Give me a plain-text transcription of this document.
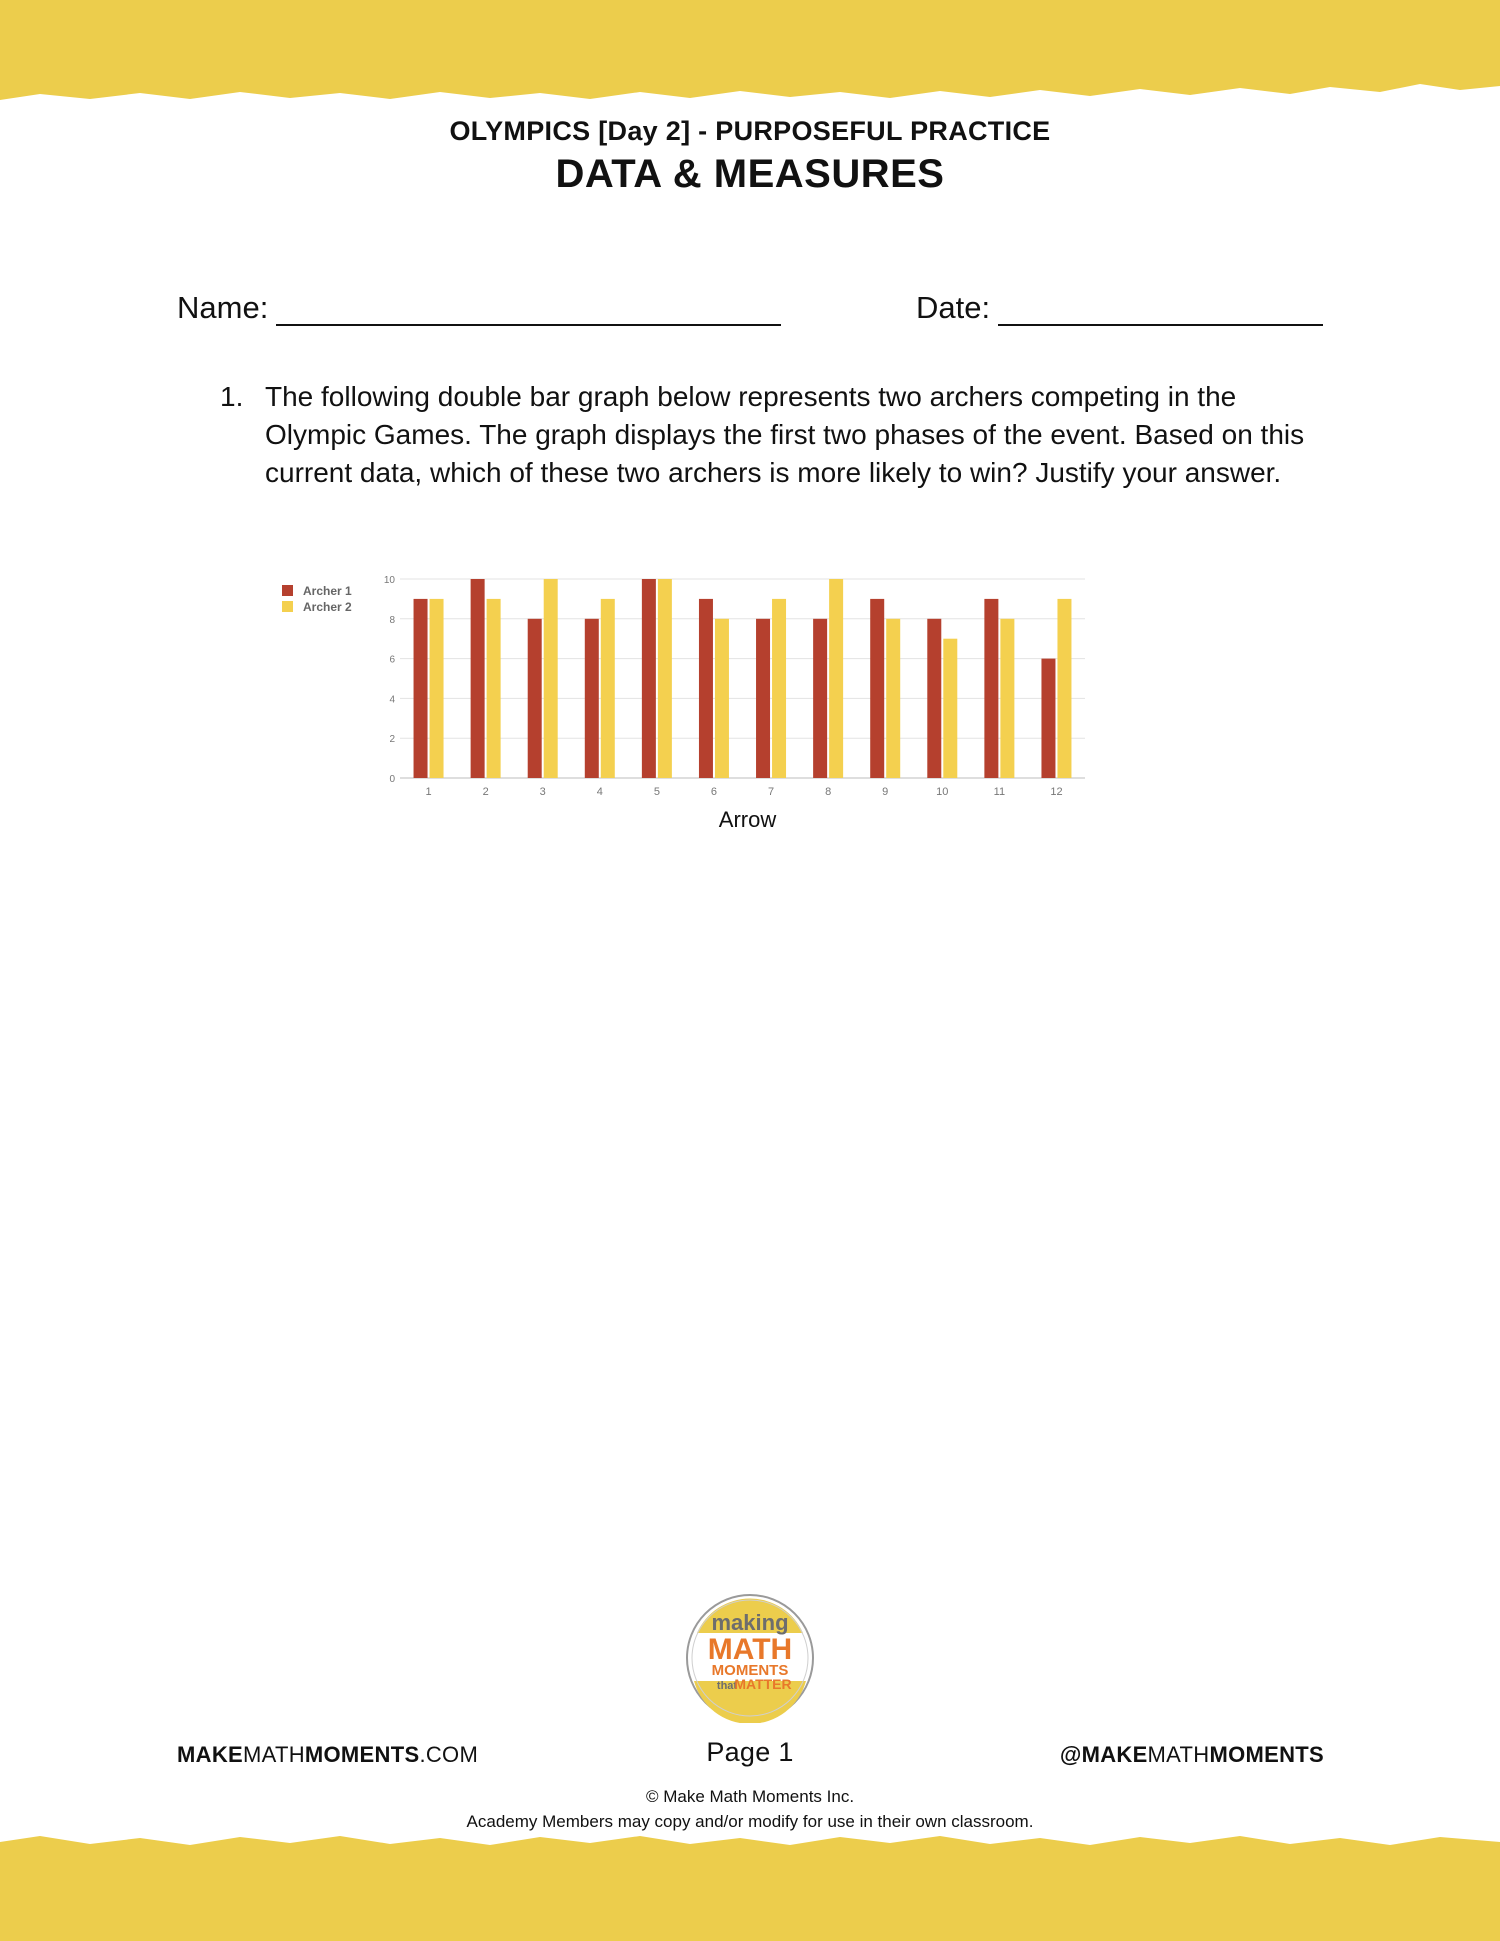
OLYMPICS [Day 2] - PURPOSEFUL PRACTICE
DATA & MEASURES
Name:	Date:
1. The following double bar graph below represents two archers competing in the Olympic Games. The graph displays the first two phases of the event. Based on this current data, which of these two archers is more likely to win? Justify your answer.
0
2
4
6
8
10
1	2	3	4	5	6	7	8	9	10	11	12
Arrow
Archer 1
Archer 2
making
MATH
MOMENTS
that
MATTER
MAKEMATHMOMENTS.COM	Page 1	@MAKEMATHMOMENTS
© Make Math Moments Inc.
Academy Members may copy and/or modify for use in their own classroom.
